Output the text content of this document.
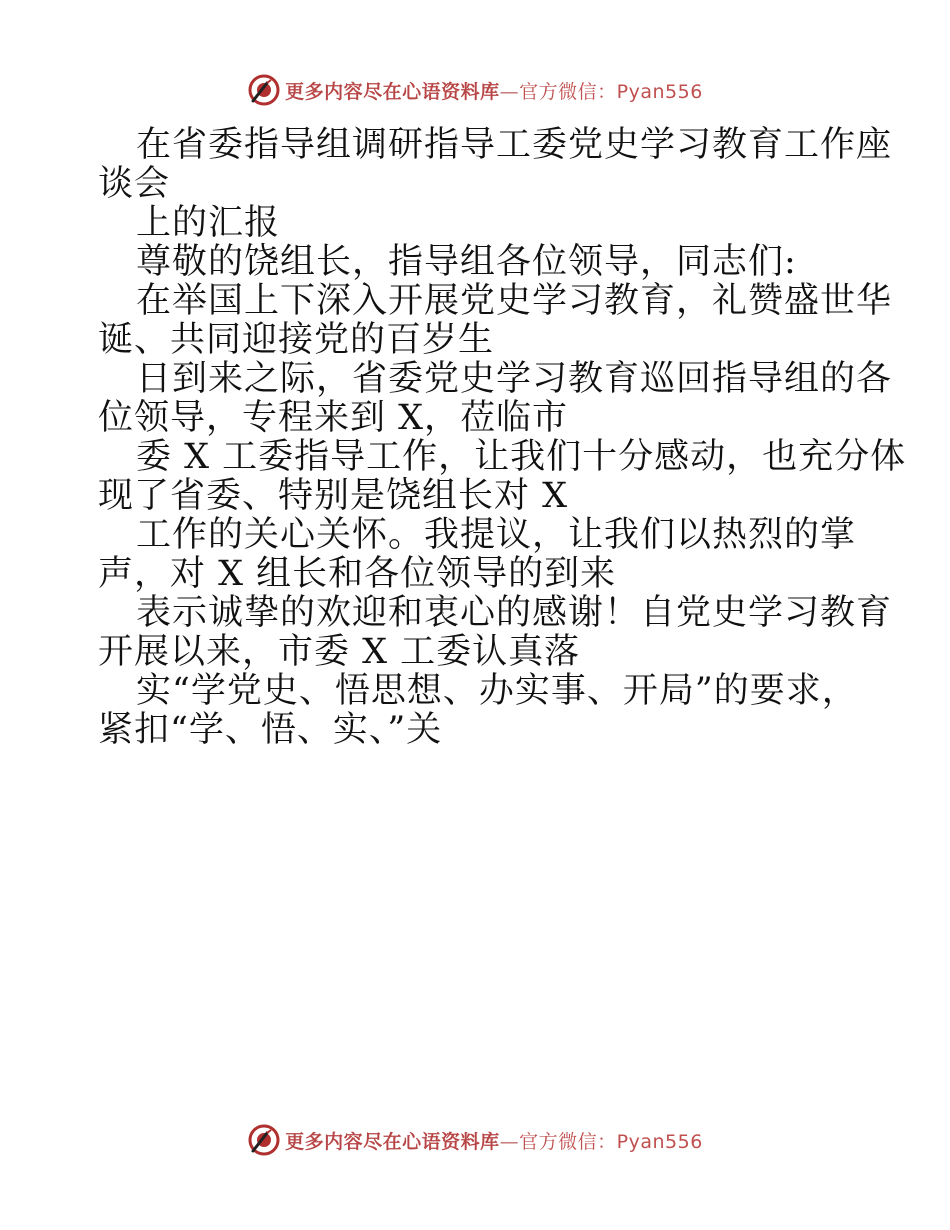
更多内容尽在心语资料库—官方微信：Pyan556
在省委指导组调研指导工委党史学习教育工作座
谈会
上的汇报
尊敬的饶组长，指导组各位领导，同志们:
在举国上下深入开展党史学习教育，礼赞盛世华
诞、共同迎接党的百岁生
日到来之际，省委党史学习教育巡回指导组的各
位领导，专程来到 X，莅临市
委 X 工委指导工作，让我们十分感动，也充分体
现了省委、特别是饶组长对 X
工作的关心关怀。我提议，让我们以热烈的掌
声，对 X 组长和各位领导的到来
表示诚挚的欢迎和衷心的感谢！自党史学习教育
开展以来，市委 X 工委认真落
实“学党史、悟思想、办实事、开局”的要求，
紧扣“学、悟、实、”关
更多内容尽在心语资料库—官方微信：Pyan556
